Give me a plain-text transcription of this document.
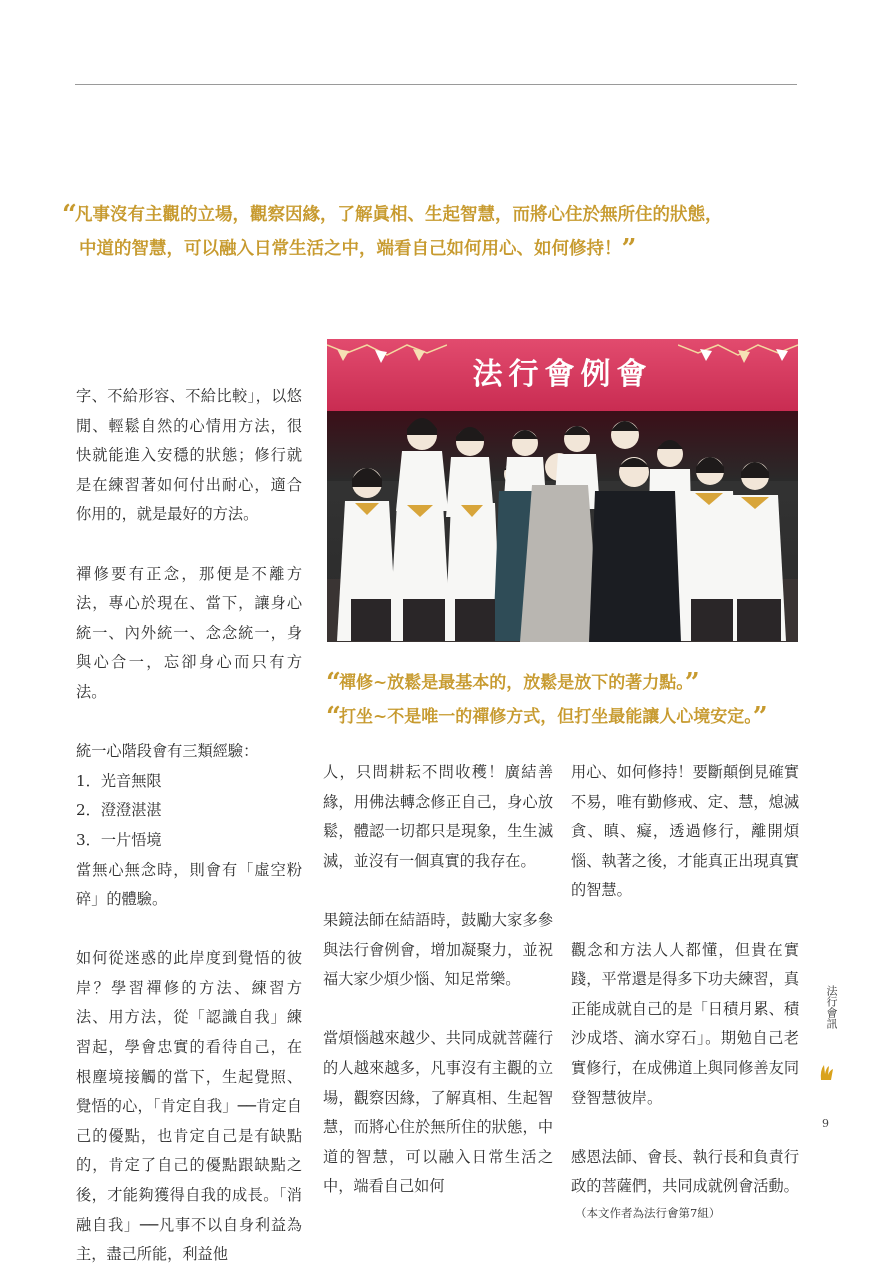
“凡事沒有主觀的立場，觀察因緣，了解眞相、生起智慧，而將心住於無所住的狀態，
中道的智慧，可以融入日常生活之中，端看自己如何用心、如何修持！”
法行會例會
“禪修~放鬆是最基本的，放鬆是放下的著力點。”
“打坐~不是唯一的禪修方式，但打坐最能讓人心境安定。”

字、不給形容、不給比較」，以悠閒、輕鬆自然的心情用方法，很快就能進入安穩的狀態；修行就是在練習著如何付出耐心，適合你用的，就是最好的方法。

禪修要有正念，那便是不離方法，專心於現在、當下，讓身心統一、內外統一、念念統一，身與心合一，忘卻身心而只有方法。

統一心階段會有三類經驗：
1．光音無限
2．澄澄湛湛
3．一片悟境
當無心無念時，則會有「虛空粉碎」的體驗。

如何從迷惑的此岸度到覺悟的彼岸？學習禪修的方法、練習方法、用方法，從「認識自我」練習起，學會忠實的看待自己，在根塵境接觸的當下，生起覺照、覺悟的心，「肯定自我」──肯定自己的優點，也肯定自己是有缺點的，肯定了自己的優點跟缺點之後，才能夠獲得自我的成長。「消融自我」──凡事不以自身利益為主，盡己所能，利益他

人，只問耕耘不問收穫！廣結善緣，用佛法轉念修正自己，身心放鬆，體認一切都只是現象，生生滅滅，並沒有一個真實的我存在。

果鏡法師在結語時，鼓勵大家多參與法行會例會，增加凝聚力，並祝福大家少煩少惱、知足常樂。

當煩惱越來越少、共同成就菩薩行的人越來越多，凡事沒有主觀的立場，觀察因緣，了解真相、生起智慧，而將心住於無所住的狀態，中道的智慧，可以融入日常生活之中，端看自己如何

用心、如何修持！要斷顛倒見確實不易，唯有勤修戒、定、慧，熄滅貪、瞋、癡，透過修行，離開煩惱、執著之後，才能真正出現真實的智慧。

觀念和方法人人都懂，但貴在實踐，平常還是得多下功夫練習，真正能成就自己的是「日積月累、積沙成塔、滴水穿石」。期勉自己老實修行，在成佛道上與同修善友同登智慧彼岸。

感恩法師、會長、執行長和負責行政的菩薩們，共同成就例會活動。

（本文作者為法行會第7組）
法行會訊
9
